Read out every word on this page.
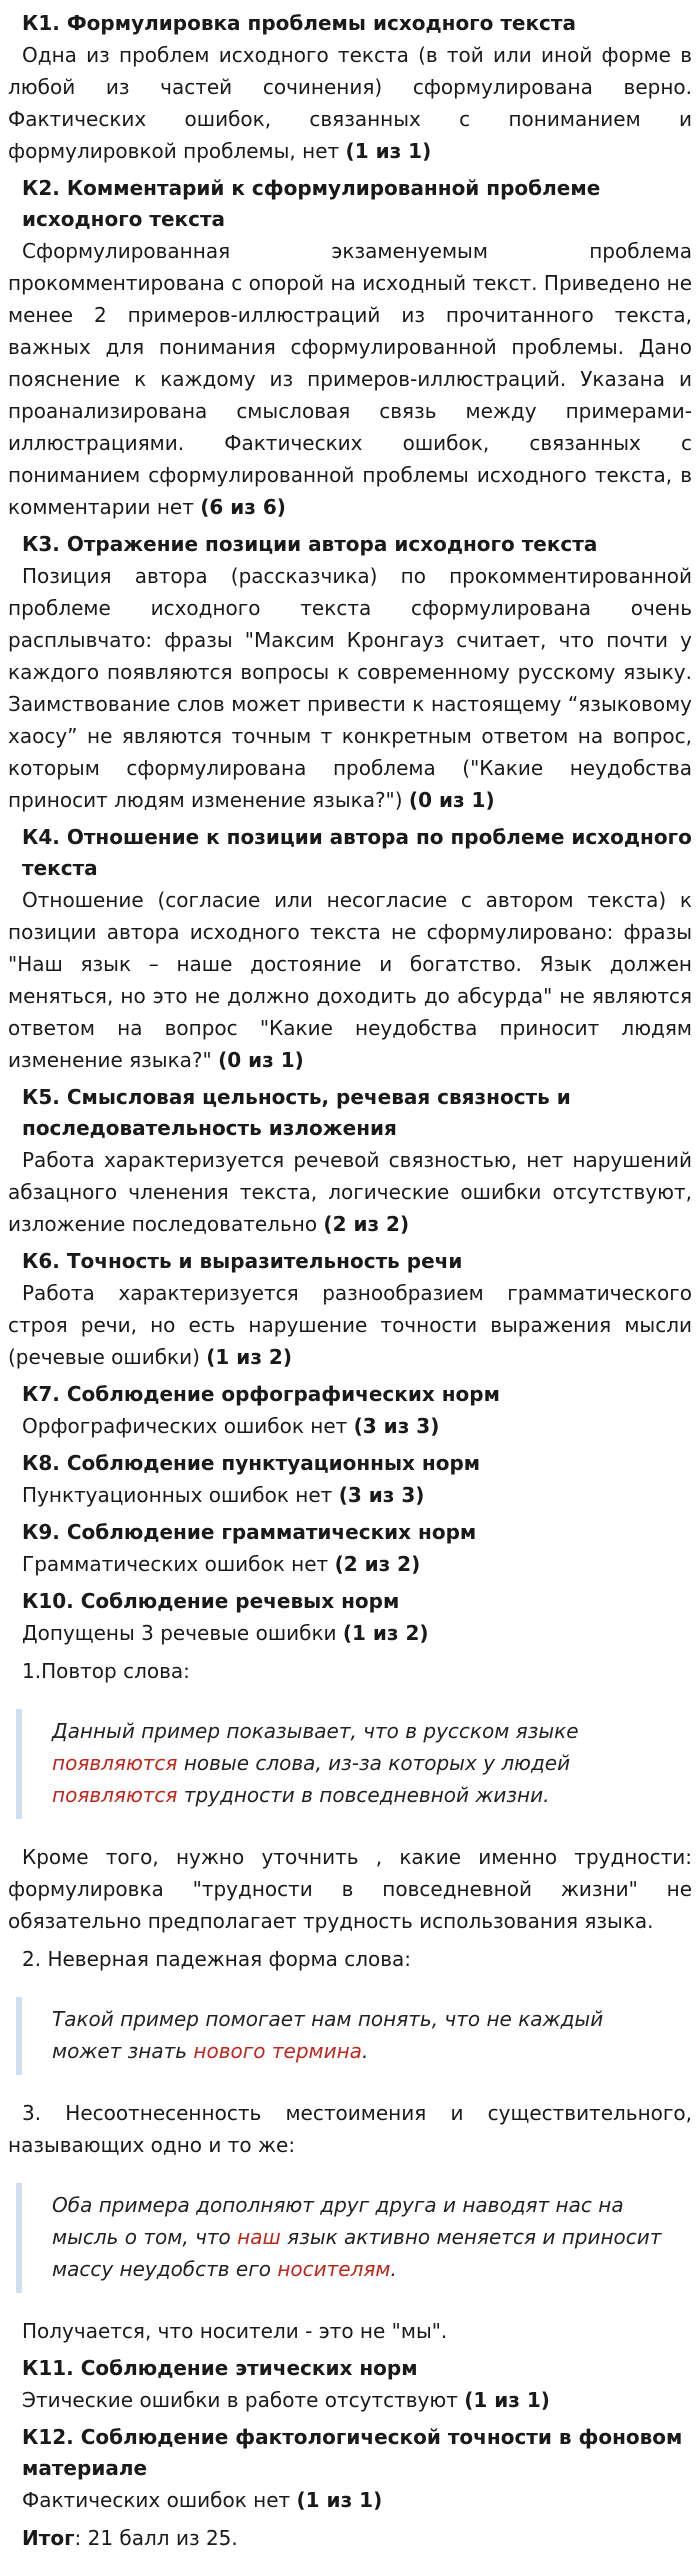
К1. Формулировка проблемы исходного текста

Одна из проблем исходного текста (в той или иной форме в любой из частей сочинения) сформулирована верно. Фактических ошибок, связанных с пониманием и формулировкой проблемы, нет (1 из 1)

К2. Комментарий к сформулированной проблеме исходного текста

Сформулированная экзаменуемым проблема прокомментирована с опорой на исходный текст. Приведено не менее 2 примеров-иллюстраций из прочитанного текста, важных для понимания сформулированной проблемы. Дано пояснение к каждому из примеров-иллюстраций. Указана и проанализирована смысловая связь между примерами-иллюстрациями. Фактических ошибок, связанных с пониманием сформулированной проблемы исходного текста, в комментарии нет (6 из 6)

К3. Отражение позиции автора исходного текста

Позиция автора (рассказчика) по прокомментированной проблеме исходного текста сформулирована очень расплывчато: фразы "Максим Кронгауз считает, что почти у каждого появляются вопросы к современному русскому языку. Заимствование слов может привести к настоящему “языковому хаосу” не являются точным т конкретным ответом на вопрос, которым сформулирована проблема ("Какие неудобства приносит людям изменение языка?") (0 из 1)

К4. Отношение к позиции автора по проблеме исходного текста

Отношение (согласие или несогласие с автором текста) к позиции автора исходного текста не сформулировано: фразы "Наш язык – наше достояние и богатство. Язык должен меняться, но это не должно доходить до абсурда" не являются ответом на вопрос "Какие неудобства приносит людям изменение языка?" (0 из 1)

К5. Смысловая цельность, речевая связность и последовательность изложения

Работа характеризуется речевой связностью, нет нарушений абзацного членения текста, логические ошибки отсутствуют, изложение последовательно (2 из 2)

К6. Точность и выразительность речи

Работа характеризуется разнообразием грамматического строя речи, но есть нарушение точности выражения мысли (речевые ошибки) (1 из 2)

К7. Соблюдение орфографических норм

Орфографических ошибок нет (3 из 3)

К8. Соблюдение пунктуационных норм

Пунктуационных ошибок нет (3 из 3)

К9. Соблюдение грамматических норм

Грамматических ошибок нет (2 из 2)

К10. Соблюдение речевых норм

Допущены 3 речевые ошибки (1 из 2)

1.Повтор слова:

Данный пример показывает, что в русском языке
появляются новые слова, из-за которых у людей
появляются трудности в повседневной жизни.

Кроме того, нужно уточнить , какие именно трудности: формулировка "трудности в повседневной жизни" не обязательно предполагает трудность использования языка.

2. Неверная падежная форма слова:

Такой пример помогает нам понять, что не каждый
может знать нового термина.

3. Несоотнесенность местоимения и существительного, называющих одно и то же:

Оба примера дополняют друг друга и наводят нас на
мысль о том, что наш язык активно меняется и приносит
массу неудобств его носителям.

Получается, что носители - это не "мы".

К11. Соблюдение этических норм

Этические ошибки в работе отсутствуют (1 из 1)

К12. Соблюдение фактологической точности в фоновом материале

Фактических ошибок нет (1 из 1)

Итог: 21 балл из 25.
